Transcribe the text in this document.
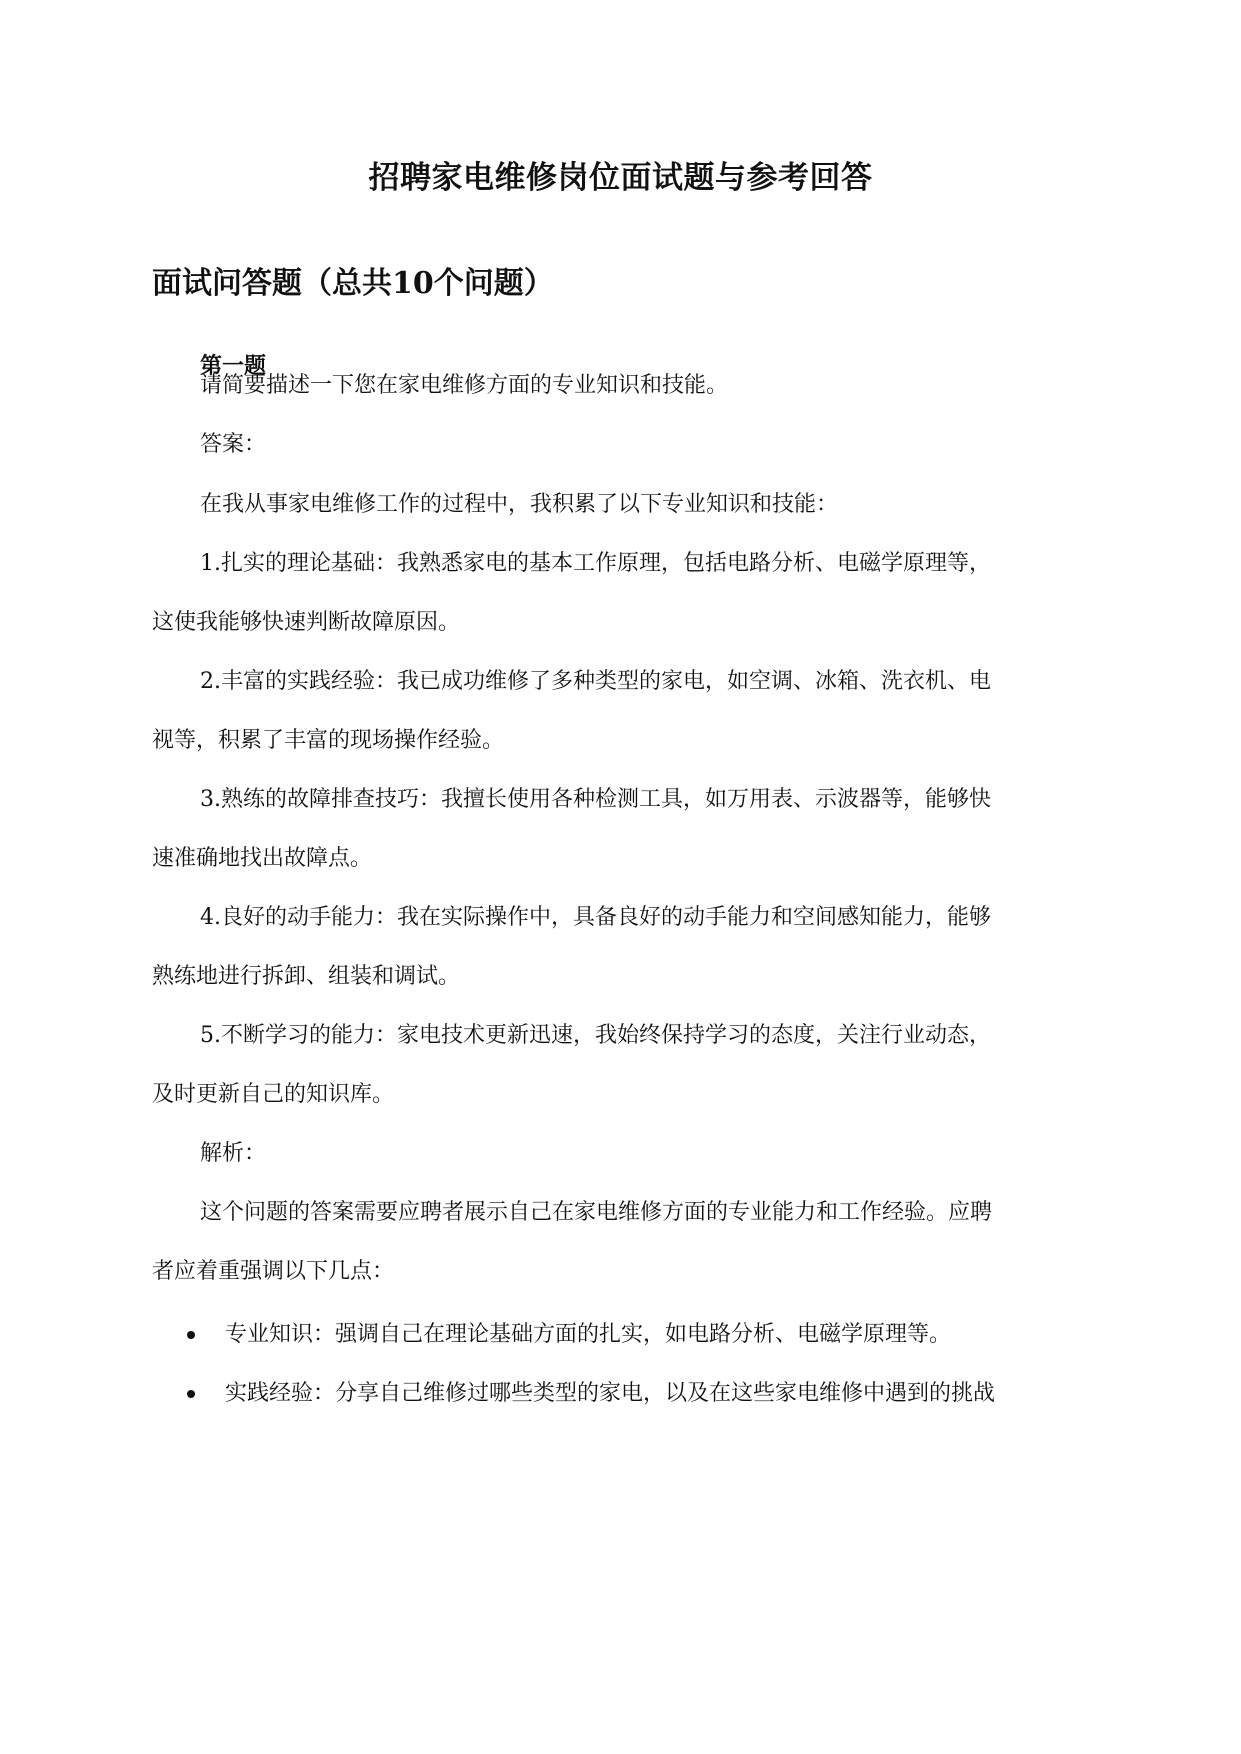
招聘家电维修岗位面试题与参考回答
面试问答题（总共10个问题）
第一题
请简要描述一下您在家电维修方面的专业知识和技能。
答案：
在我从事家电维修工作的过程中，我积累了以下专业知识和技能：
1.扎实的理论基础：我熟悉家电的基本工作原理，包括电路分析、电磁学原理等，
这使我能够快速判断故障原因。
2.丰富的实践经验：我已成功维修了多种类型的家电，如空调、冰箱、洗衣机、电
视等，积累了丰富的现场操作经验。
3.熟练的故障排查技巧：我擅长使用各种检测工具，如万用表、示波器等，能够快
速准确地找出故障点。
4.良好的动手能力：我在实际操作中，具备良好的动手能力和空间感知能力，能够
熟练地进行拆卸、组装和调试。
5.不断学习的能力：家电技术更新迅速，我始终保持学习的态度，关注行业动态，
及时更新自己的知识库。
解析：
这个问题的答案需要应聘者展示自己在家电维修方面的专业能力和工作经验。应聘
者应着重强调以下几点：
专业知识：强调自己在理论基础方面的扎实，如电路分析、电磁学原理等。
实践经验：分享自己维修过哪些类型的家电，以及在这些家电维修中遇到的挑战
